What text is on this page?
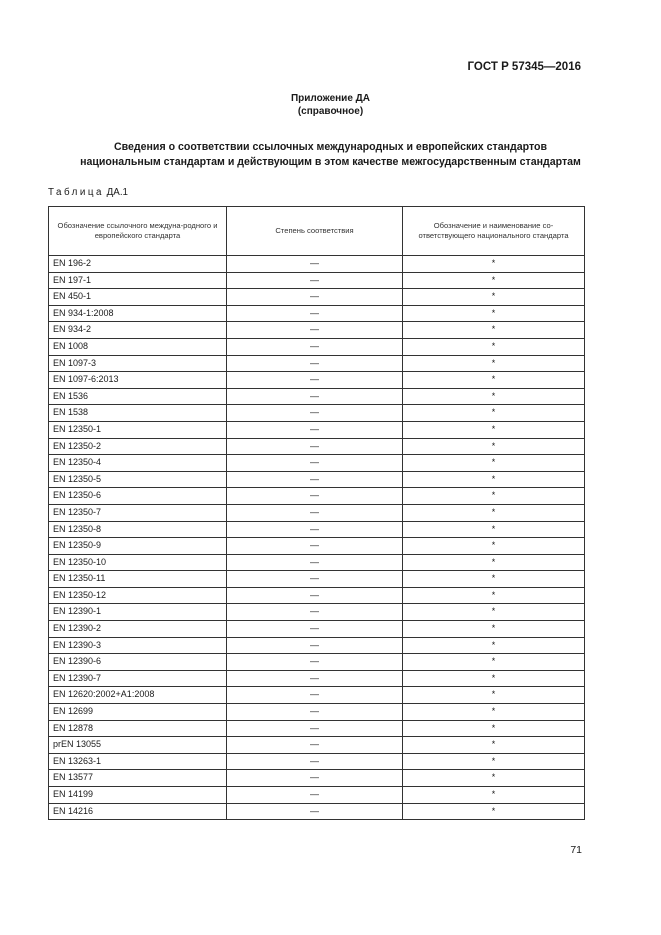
ГОСТ Р 57345—2016
Приложение ДА
(справочное)
Сведения о соответствии ссылочных международных и европейских стандартов
национальным стандартам и действующим в этом качестве межгосударственным стандартам
Таблица ДА.1
Обозначение ссылочного междуна-родного и европейского стандарта	Степень соответствия	Обозначение и наименование со-ответствующего национального стандарта
EN 196-2	—	*
EN 197-1	—	*
EN 450-1	—	*
EN 934-1:2008	—	*
EN 934-2	—	*
EN 1008	—	*
EN 1097-3	—	*
EN 1097-6:2013	—	*
EN 1536	—	*
EN 1538	—	*
EN 12350-1	—	*
EN 12350-2	—	*
EN 12350-4	—	*
EN 12350-5	—	*
EN 12350-6	—	*
EN 12350-7	—	*
EN 12350-8	—	*
EN 12350-9	—	*
EN 12350-10	—	*
EN 12350-11	—	*
EN 12350-12	—	*
EN 12390-1	—	*
EN 12390-2	—	*
EN 12390-3	—	*
EN 12390-6	—	*
EN 12390-7	—	*
EN 12620:2002+A1:2008	—	*
EN 12699	—	*
EN 12878	—	*
prEN 13055	—	*
EN 13263-1	—	*
EN 13577	—	*
EN 14199	—	*
EN 14216	—	*
71
